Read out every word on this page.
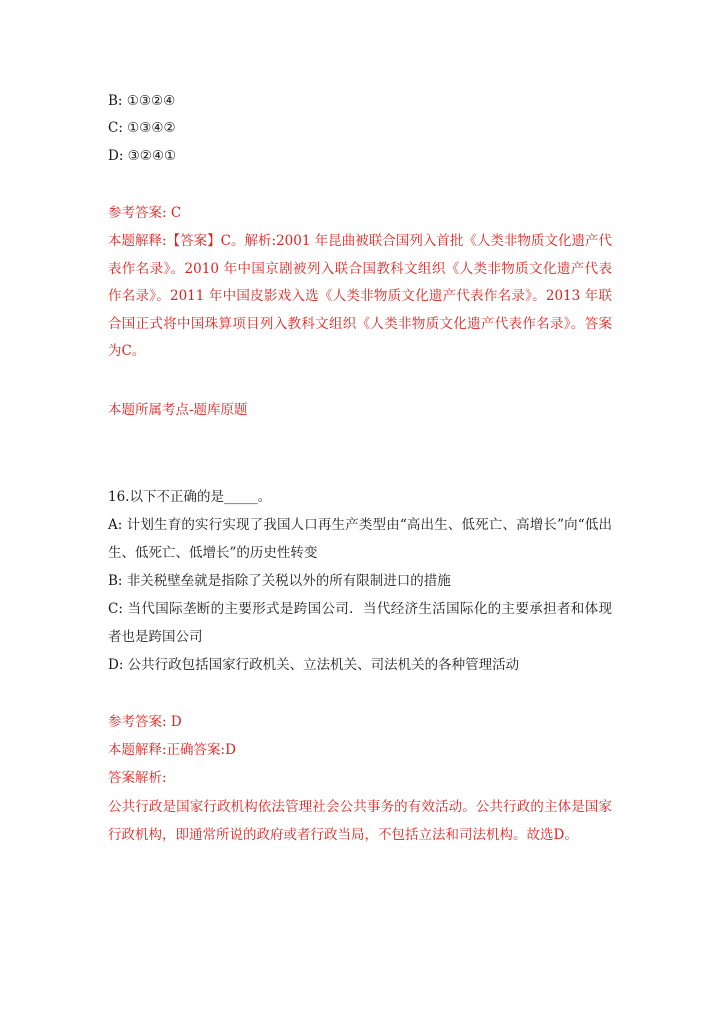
B: ①③②④
C: ①③④②
D: ③②④①
参考答案: C
本题解释:【答案】C。解析:2001 年昆曲被联合国列入首批《人类非物质文化遗产代表作名录》。2010 年中国京剧被列入联合国教科文组织《人类非物质文化遗产代表作名录》。2011 年中国皮影戏入选《人类非物质文化遗产代表作名录》。2013 年联合国正式将中国珠算项目列入教科文组织《人类非物质文化遗产代表作名录》。答案为C。
本题所属考点-题库原题
16.以下不正确的是_____。
A: 计划生育的实行实现了我国人口再生产类型由“高出生、低死亡、高增长”向“低出生、低死亡、低增长”的历史性转变
B: 非关税壁垒就是指除了关税以外的所有限制进口的措施
C: 当代国际垄断的主要形式是跨国公司．当代经济生活国际化的主要承担者和体现者也是跨国公司
D: 公共行政包括国家行政机关、立法机关、司法机关的各种管理活动
参考答案: D
本题解释:正确答案:D
答案解析:
公共行政是国家行政机构依法管理社会公共事务的有效活动。公共行政的主体是国家行政机构，即通常所说的政府或者行政当局，不包括立法和司法机构。故选D。
